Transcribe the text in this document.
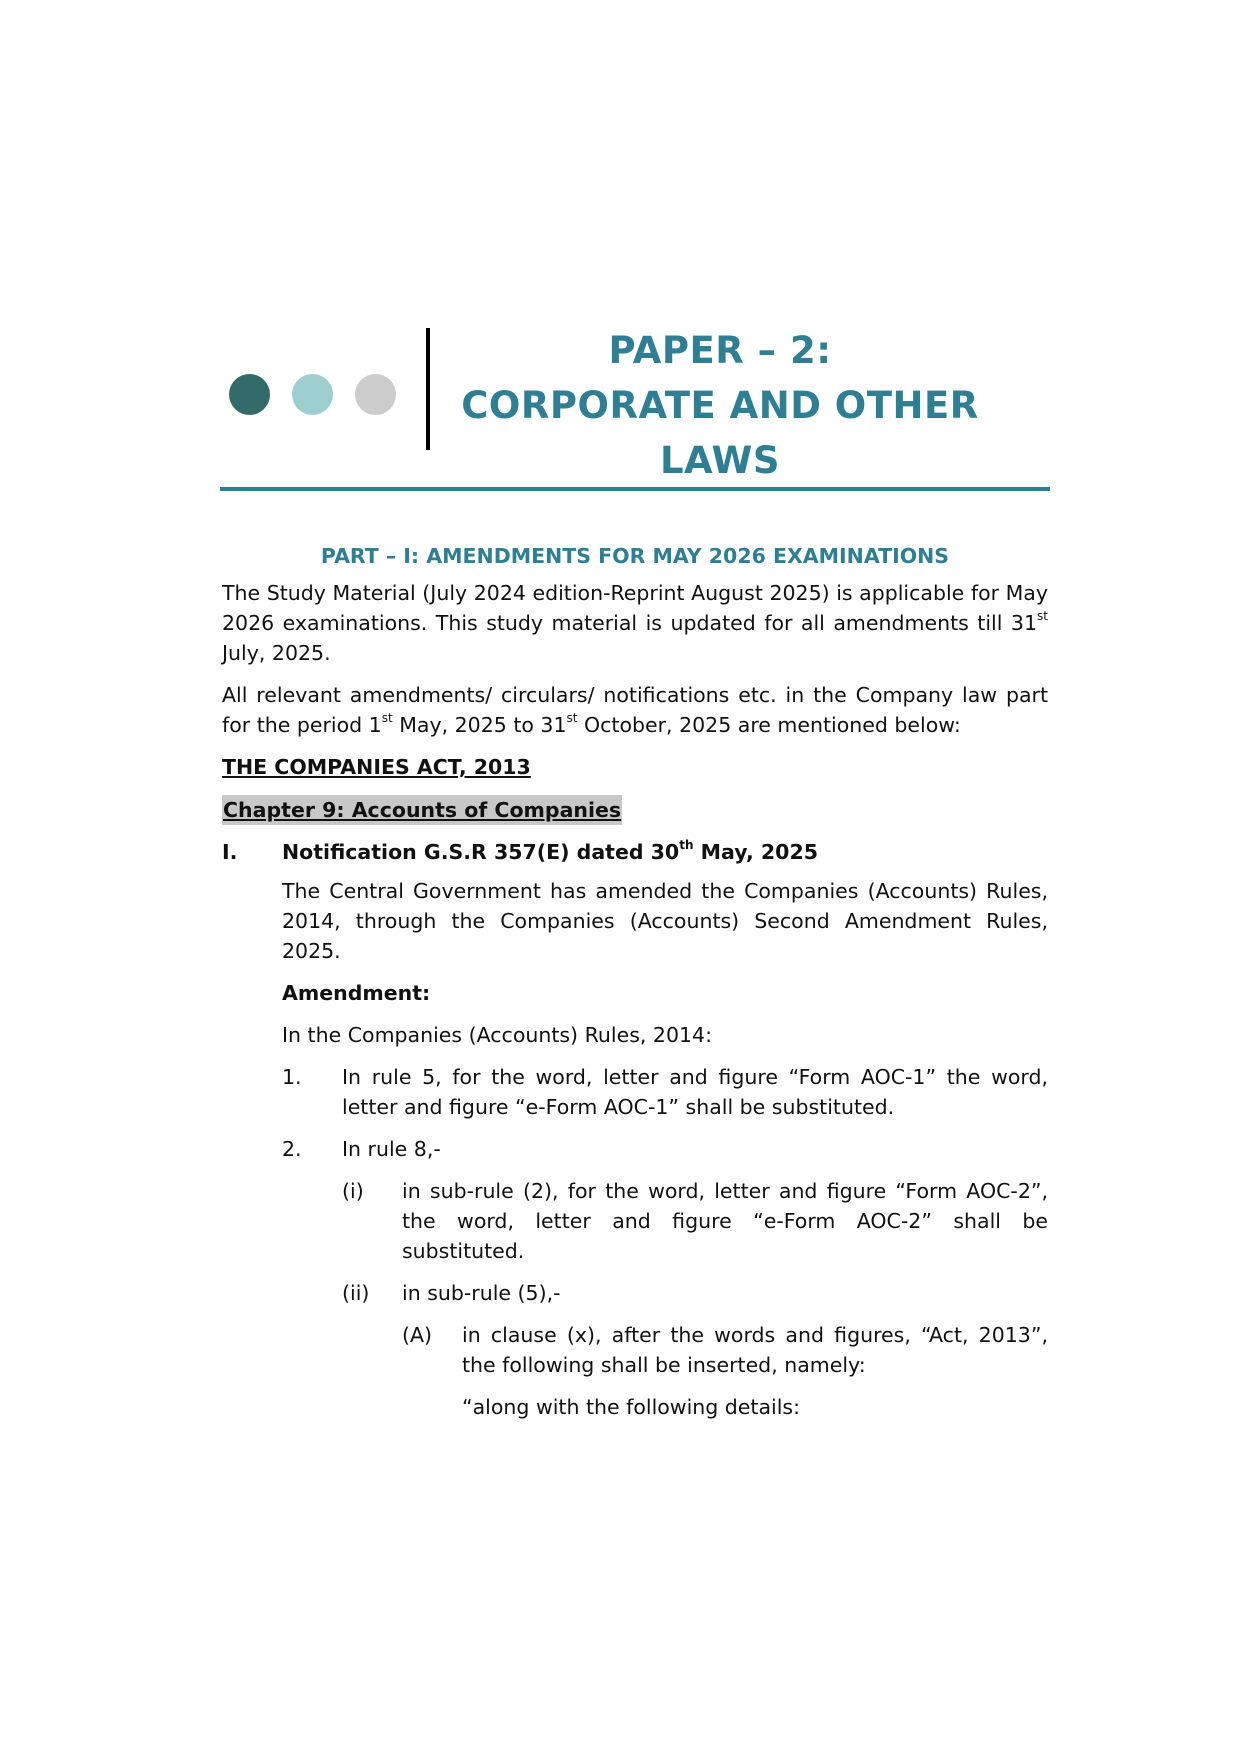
PAPER – 2:
CORPORATE AND OTHER
LAWS
PART – I: AMENDMENTS FOR MAY 2026 EXAMINATIONS

The Study Material (July 2024 edition-Reprint August 2025) is applicable for May 2026 examinations. This study material is updated for all amendments till 31st July, 2025.

All relevant amendments/ circulars/ notifications etc. in the Company law part for the period 1st May, 2025 to 31st October, 2025 are mentioned below:

THE COMPANIES ACT, 2013
Chapter 9: Accounts of Companies
I. Notification G.S.R 357(E) dated 30th May, 2025

The Central Government has amended the Companies (Accounts) Rules, 2014, through the Companies (Accounts) Second Amendment Rules, 2025.

Amendment:

In the Companies (Accounts) Rules, 2014:

1. In rule 5, for the word, letter and figure “Form AOC-1” the word, letter and figure “e-Form AOC-1” shall be substituted.
2. In rule 8,-
(i) in sub-rule (2), for the word, letter and figure “Form AOC-2”, the word, letter and figure “e-Form AOC-2” shall be substituted.
(ii) in sub-rule (5),-
(A) in clause (x), after the words and figures, “Act, 2013”, the following shall be inserted, namely:

“along with the following details:
